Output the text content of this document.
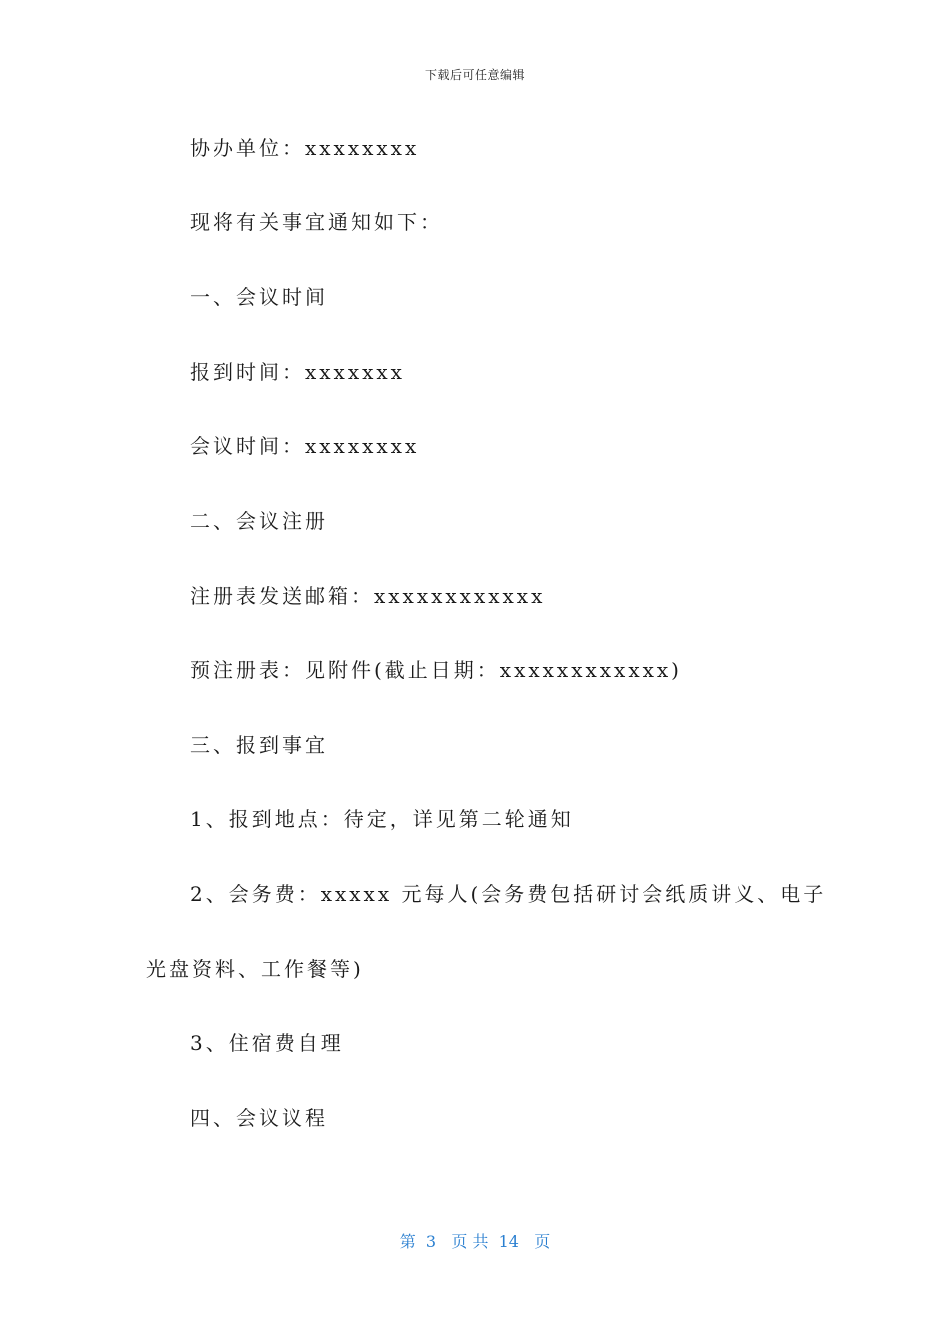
下载后可任意编辑
协办单位：xxxxxxxx
现将有关事宜通知如下：
一、会议时间
报到时间：xxxxxxx
会议时间：xxxxxxxx
二、会议注册
注册表发送邮箱：xxxxxxxxxxxx
预注册表：见附件(截止日期：xxxxxxxxxxxx)
三、报到事宜
1、报到地点：待定，详见第二轮通知
2、会务费：xxxxx 元每人(会务费包括研讨会纸质讲义、电子
光盘资料、工作餐等)
3、住宿费自理
四、会议议程
第  3   页 共  14   页
